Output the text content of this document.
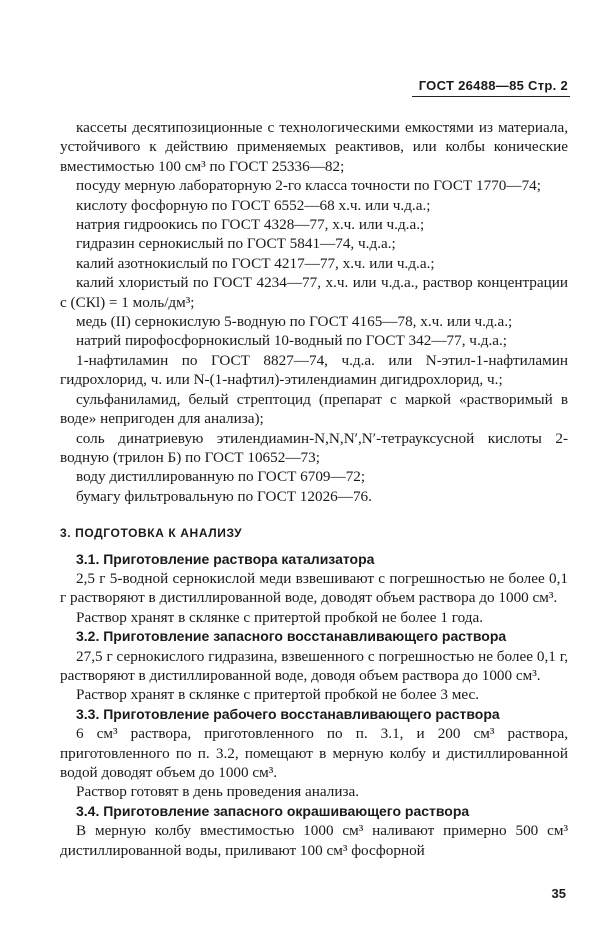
ГОСТ 26488—85 Стр. 2

кассеты десятипозиционные с технологическими емкостями из материала, устойчивого к действию применяемых реактивов, или колбы конические вместимостью 100 см³ по ГОСТ 25336—82;

посуду мерную лабораторную 2-го класса точности по ГОСТ 1770—74;

кислоту фосфорную по ГОСТ 6552—68 х.ч. или ч.д.а.;

натрия гидроокись по ГОСТ 4328—77, х.ч. или ч.д.а.;

гидразин сернокислый по ГОСТ 5841—74, ч.д.а.;

калий азотнокислый по ГОСТ 4217—77, х.ч. или ч.д.а.;

калий хлористый по ГОСТ 4234—77, х.ч. или ч.д.а., раствор концентрации с (СКl) = 1 моль/дм³;

медь (II) сернокислую 5-водную по ГОСТ 4165—78, х.ч. или ч.д.а.;

натрий пирофосфорнокислый 10-водный по ГОСТ 342—77, ч.д.а.;

1-нафтиламин по ГОСТ 8827—74, ч.д.а. или N-этил-1-нафтиламин гидрохлорид, ч. или N-(1-нафтил)-этилендиамин дигидрохлорид, ч.;

сульфаниламид, белый стрептоцид (препарат с маркой «растворимый в воде» непригоден для анализа);

соль динатриевую этилендиамин-N,N,N′,N′-тетрауксусной кислоты 2-водную (трилон Б) по ГОСТ 10652—73;

воду дистиллированную по ГОСТ 6709—72;

бумагу фильтровальную по ГОСТ 12026—76.

3. ПОДГОТОВКА К АНАЛИЗУ

3.1. Приготовление раствора катализатора

2,5 г 5-водной сернокислой меди взвешивают с погрешностью не более 0,1 г растворяют в дистиллированной воде, доводят объем раствора до 1000 см³.

Раствор хранят в склянке с притертой пробкой не более 1 года.

3.2. Приготовление запасного восстанавливающего раствора

27,5 г сернокислого гидразина, взвешенного с погрешностью не более 0,1 г, растворяют в дистиллированной воде, доводя объем раствора до 1000 см³.

Раствор хранят в склянке с притертой пробкой не более 3 мес.

3.3. Приготовление рабочего восстанавливающего раствора

6 см³ раствора, приготовленного по п. 3.1, и 200 см³ раствора, приготовленного по п. 3.2, помещают в мерную колбу и дистиллированной водой доводят объем до 1000 см³.

Раствор готовят в день проведения анализа.

3.4. Приготовление запасного окрашивающего раствора

В мерную колбу вместимостью 1000 см³ наливают примерно 500 см³ дистиллированной воды, приливают 100 см³ фосфорной

35
